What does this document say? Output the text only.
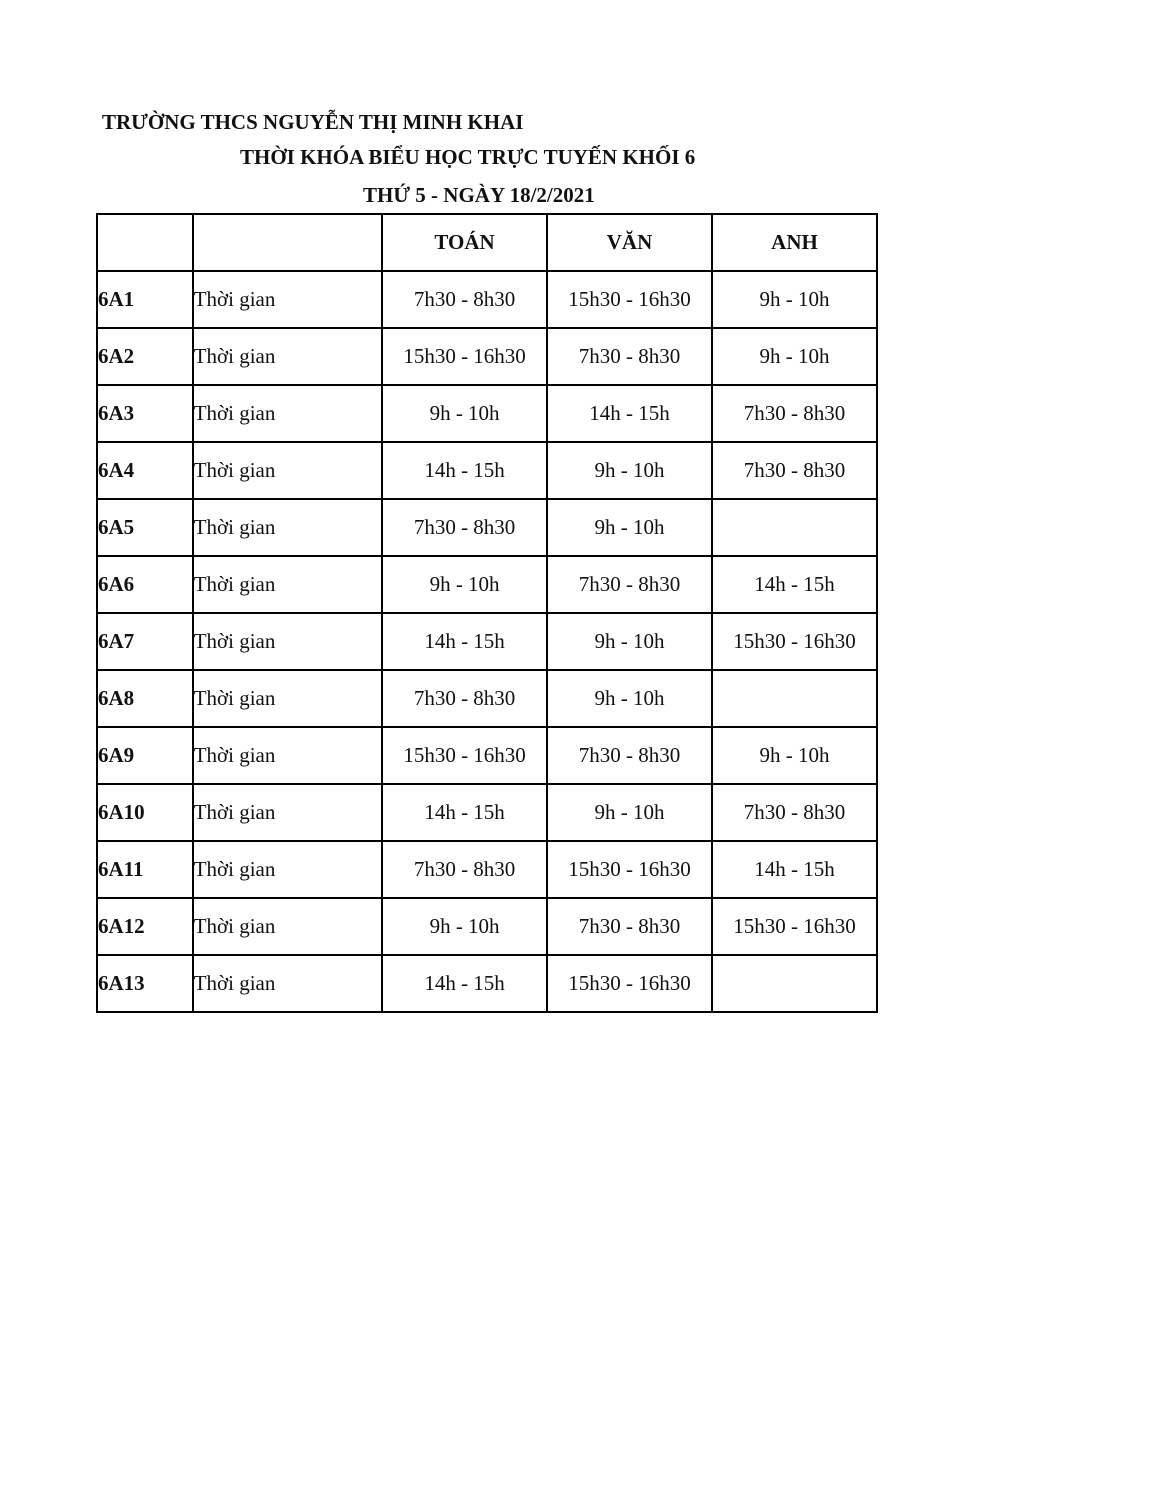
TRƯỜNG THCS NGUYỄN THỊ MINH KHAI
THỜI KHÓA BIỂU HỌC TRỰC TUYẾN KHỐI 6
THỨ 5 - NGÀY 18/2/2021
		TOÁN	VĂN	ANH
6A1	Thời gian	7h30 - 8h30	15h30 - 16h30	9h - 10h
6A2	Thời gian	15h30 - 16h30	7h30 - 8h30	9h - 10h
6A3	Thời gian	9h - 10h	14h - 15h	7h30 - 8h30
6A4	Thời gian	14h - 15h	9h - 10h	7h30 - 8h30
6A5	Thời gian	7h30 - 8h30	9h - 10h	
6A6	Thời gian	9h - 10h	7h30 - 8h30	14h - 15h
6A7	Thời gian	14h - 15h	9h - 10h	15h30 - 16h30
6A8	Thời gian	7h30 - 8h30	9h - 10h	
6A9	Thời gian	15h30 - 16h30	7h30 - 8h30	9h - 10h
6A10	Thời gian	14h - 15h	9h - 10h	7h30 - 8h30
6A11	Thời gian	7h30 - 8h30	15h30 - 16h30	14h - 15h
6A12	Thời gian	9h - 10h	7h30 - 8h30	15h30 - 16h30
6A13	Thời gian	14h - 15h	15h30 - 16h30	
